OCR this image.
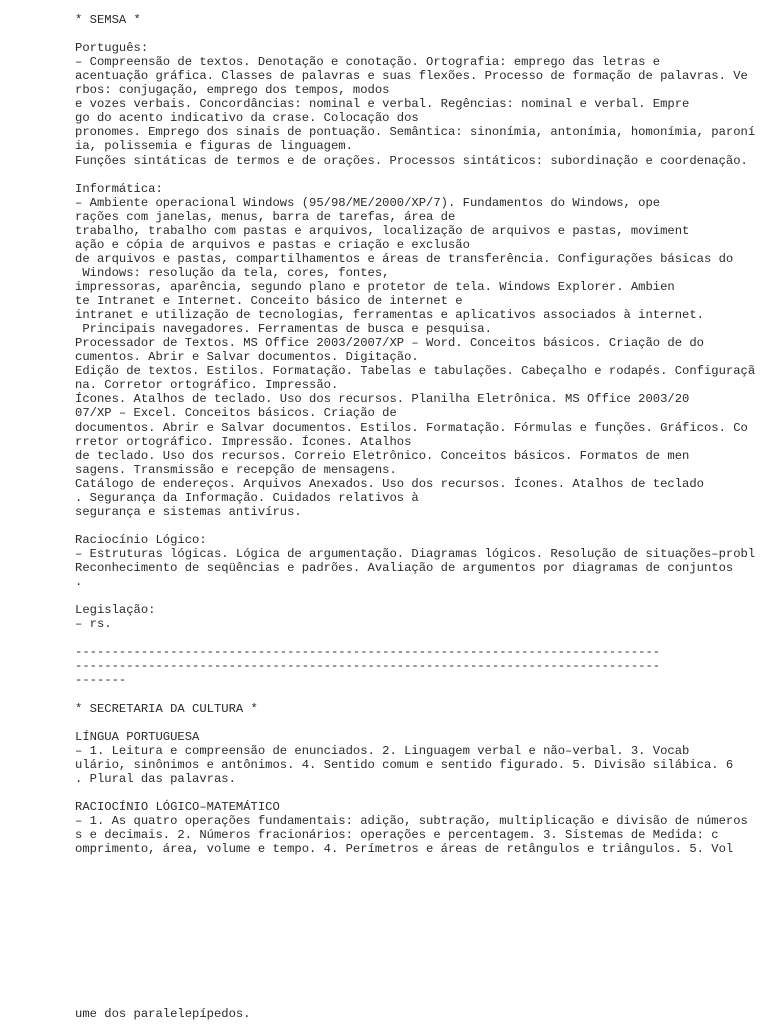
* SEMSA *
Português:
– Compreensão de textos. Denotação e conotação. Ortografia: emprego das letras e
acentuação gráfica. Classes de palavras e suas flexões. Processo de formação de palavras. Ve
rbos: conjugação, emprego dos tempos, modos
e vozes verbais. Concordâncias: nominal e verbal. Regências: nominal e verbal. Empre
go do acento indicativo da crase. Colocação dos
pronomes. Emprego dos sinais de pontuação. Semântica: sinonímia, antonímia, homonímia, paroní
ia, polissemia e figuras de linguagem.
Funções sintáticas de termos e de orações. Processos sintáticos: subordinação e coordenação.
Informática:
– Ambiente operacional Windows (95/98/ME/2000/XP/7). Fundamentos do Windows, ope
rações com janelas, menus, barra de tarefas, área de
trabalho, trabalho com pastas e arquivos, localização de arquivos e pastas, moviment
ação e cópia de arquivos e pastas e criação e exclusão
de arquivos e pastas, compartilhamentos e áreas de transferência. Configurações básicas do
Windows: resolução da tela, cores, fontes,
impressoras, aparência, segundo plano e protetor de tela. Windows Explorer. Ambien
te Intranet e Internet. Conceito básico de internet e
intranet e utilização de tecnologias, ferramentas e aplicativos associados à internet.
Principais navegadores. Ferramentas de busca e pesquisa.
Processador de Textos. MS Office 2003/2007/XP – Word. Conceitos básicos. Criação de do
cumentos. Abrir e Salvar documentos. Digitação.
Edição de textos. Estilos. Formatação. Tabelas e tabulações. Cabeçalho e rodapés. Configuraçã
na. Corretor ortográfico. Impressão.
Ícones. Atalhos de teclado. Uso dos recursos. Planilha Eletrônica. MS Office 2003/20
07/XP – Excel. Conceitos básicos. Criação de
documentos. Abrir e Salvar documentos. Estilos. Formatação. Fórmulas e funções. Gráficos. Co
rretor ortográfico. Impressão. Ícones. Atalhos
de teclado. Uso dos recursos. Correio Eletrônico. Conceitos básicos. Formatos de men
sagens. Transmissão e recepção de mensagens.
Catálogo de endereços. Arquivos Anexados. Uso dos recursos. Ícones. Atalhos de teclado
. Segurança da Informação. Cuidados relativos à
segurança e sistemas antivírus.
Raciocínio Lógico:
– Estruturas lógicas. Lógica de argumentação. Diagramas lógicos. Resolução de situações–probl
Reconhecimento de seqüências e padrões. Avaliação de argumentos por diagramas de conjuntos
.
Legislação:
– rs.
--------------------------------------------------------------------------------
--------------------------------------------------------------------------------
-------
* SECRETARIA DA CULTURA *
LÍNGUA PORTUGUESA
– 1. Leitura e compreensão de enunciados. 2. Linguagem verbal e não–verbal. 3. Vocab
ulário, sinônimos e antônimos. 4. Sentido comum e sentido figurado. 5. Divisão silábica. 6
. Plural das palavras.
RACIOCÍNIO LÓGICO–MATEMÁTICO
– 1. As quatro operações fundamentais: adição, subtração, multiplicação e divisão de números
s e decimais. 2. Números fracionários: operações e percentagem. 3. Sistemas de Medida: c
omprimento, área, volume e tempo. 4. Perímetros e áreas de retângulos e triângulos. 5. Vol
ume dos paralelepípedos.
